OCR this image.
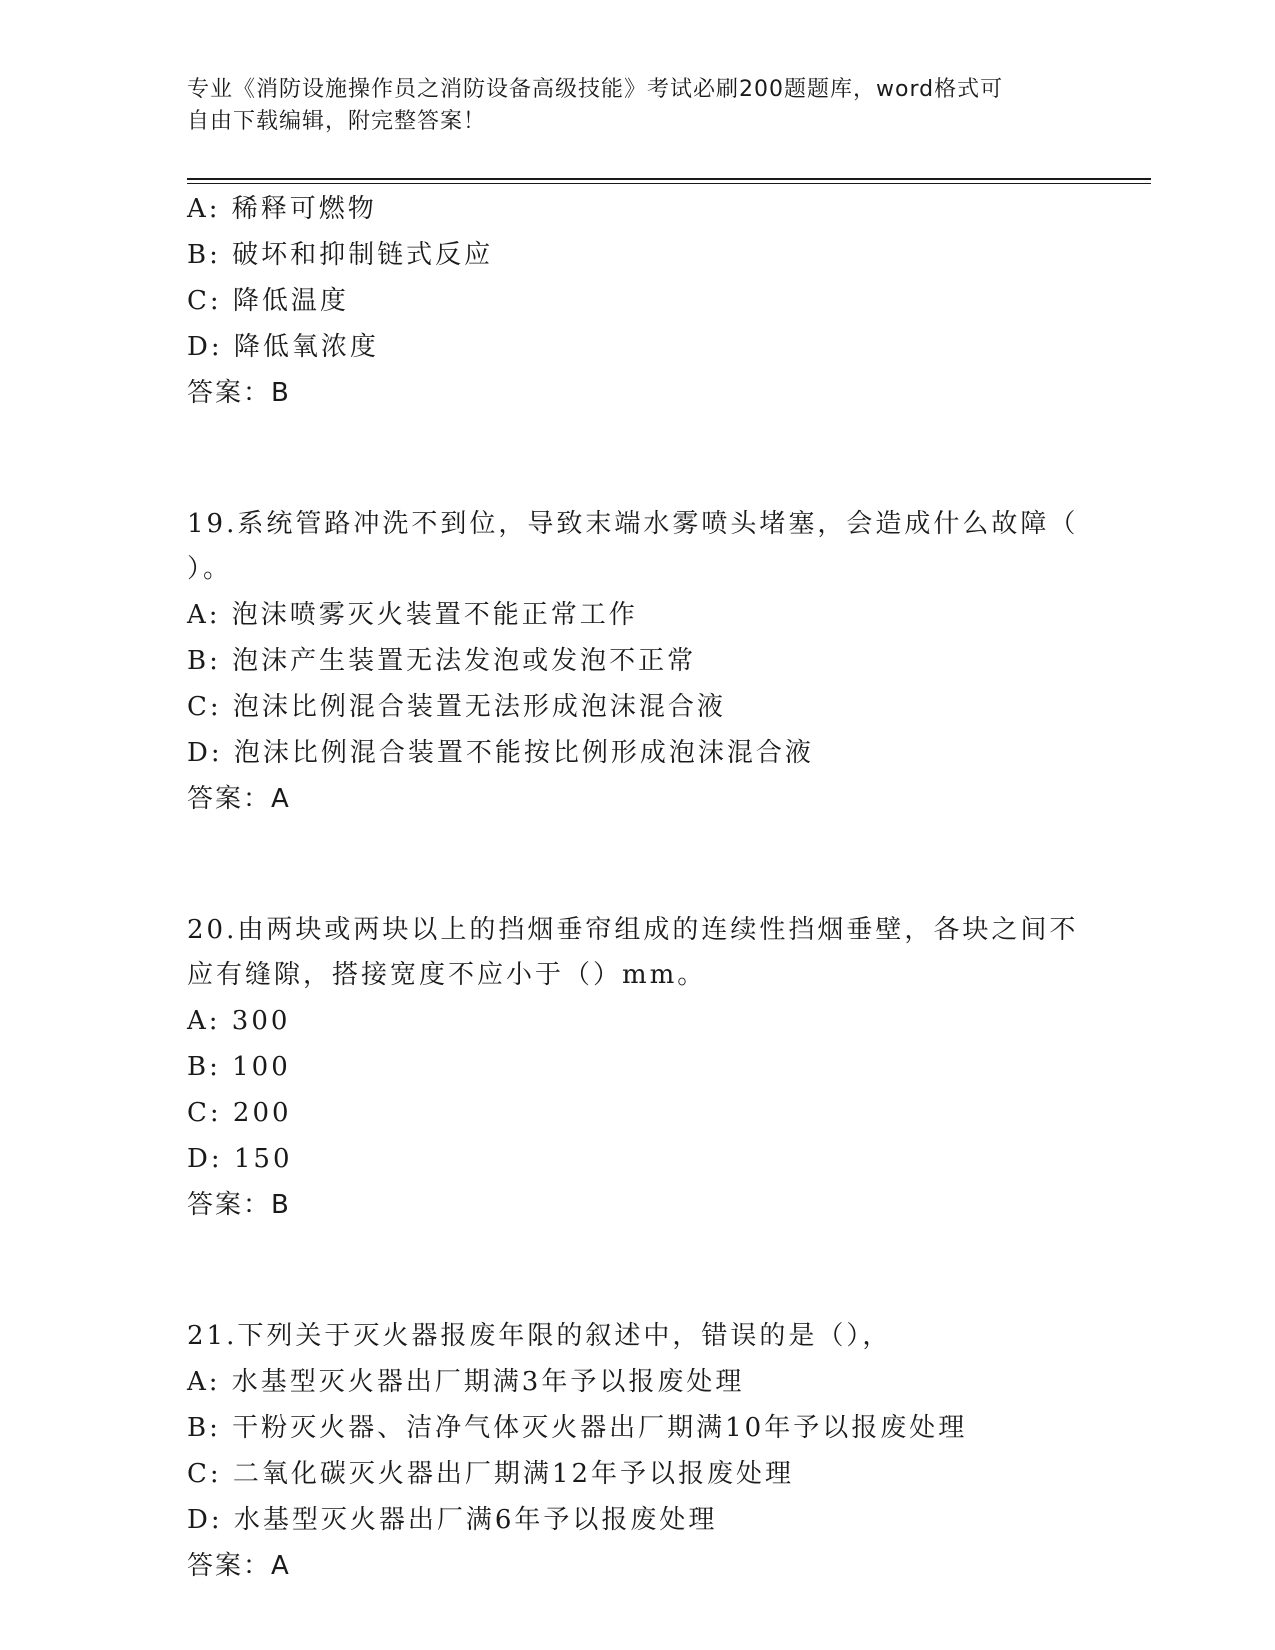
专业《消防设施操作员之消防设备高级技能》考试必刷200题题库，word格式可
自由下载编辑，附完整答案！
A: 稀释可燃物
B: 破坏和抑制链式反应
C: 降低温度
D: 降低氧浓度
答案：B
19.系统管路冲洗不到位，导致末端水雾喷头堵塞，会造成什么故障（
）。
A: 泡沫喷雾灭火装置不能正常工作
B: 泡沫产生装置无法发泡或发泡不正常
C: 泡沫比例混合装置无法形成泡沫混合液
D: 泡沫比例混合装置不能按比例形成泡沫混合液
答案：A
20.由两块或两块以上的挡烟垂帘组成的连续性挡烟垂壁，各块之间不
应有缝隙，搭接宽度不应小于（）mm。
A: 300
B: 100
C: 200
D: 150
答案：B
21.下列关于灭火器报废年限的叙述中，错误的是（），
A: 水基型灭火器出厂期满3年予以报废处理
B: 干粉灭火器、洁净气体灭火器出厂期满10年予以报废处理
C: 二氧化碳灭火器出厂期满12年予以报废处理
D: 水基型灭火器出厂满6年予以报废处理
答案：A
